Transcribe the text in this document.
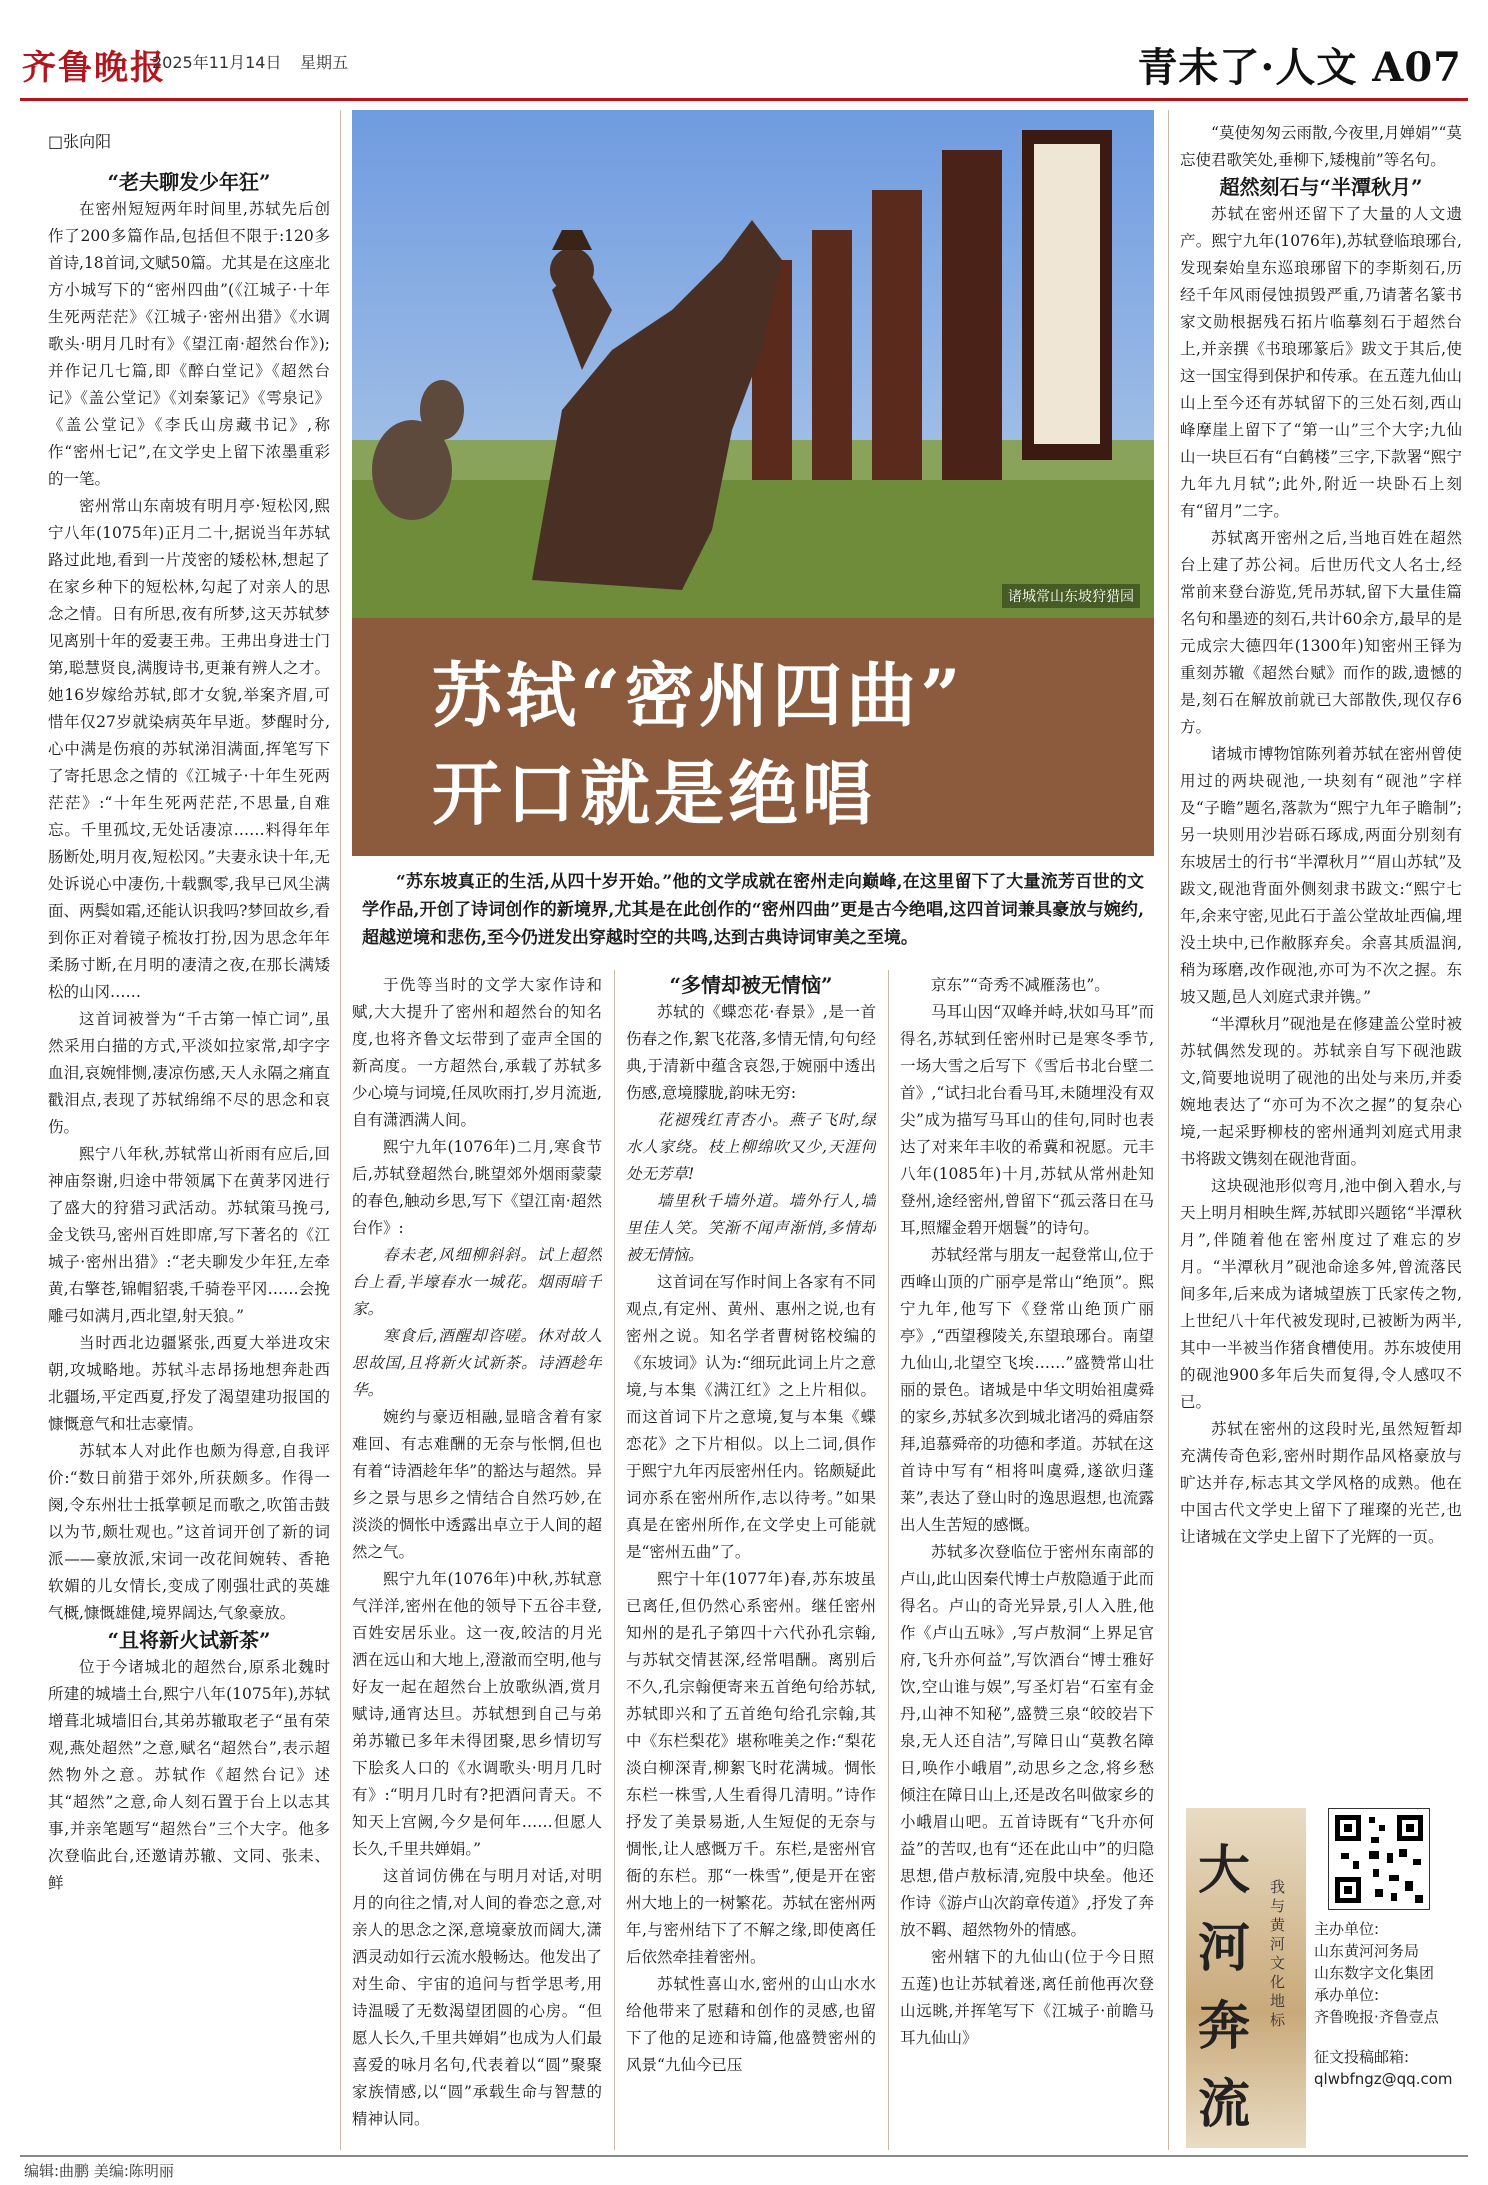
齐鲁晚报
2025年11月14日 星期五	青未了·人文 A07
□张向阳

“老夫聊发少年狂”

在密州短短两年时间里,苏轼先后创作了200多篇作品,包括但不限于:120多首诗,18首词,文赋50篇。尤其是在这座北方小城写下的“密州四曲”(《江城子·十年生死两茫茫》《江城子·密州出猎》《水调歌头·明月几时有》《望江南·超然台作》);并作记几七篇,即《醉白堂记》《超然台记》《盖公堂记》《刘秦篆记》《雩泉记》《盖公堂记》《李氏山房藏书记》,称作“密州七记”,在文学史上留下浓墨重彩的一笔。

密州常山东南坡有明月亭·短松冈,熙宁八年(1075年)正月二十,据说当年苏轼路过此地,看到一片茂密的矮松林,想起了在家乡种下的短松林,勾起了对亲人的思念之情。日有所思,夜有所梦,这天苏轼梦见离别十年的爱妻王弗。王弗出身进士门第,聪慧贤良,满腹诗书,更兼有辨人之才。她16岁嫁给苏轼,郎才女貌,举案齐眉,可惜年仅27岁就染病英年早逝。梦醒时分,心中满是伤痕的苏轼涕泪满面,挥笔写下了寄托思念之情的《江城子·十年生死两茫茫》:“十年生死两茫茫,不思量,自难忘。千里孤坟,无处话凄凉……料得年年肠断处,明月夜,短松冈。”夫妻永诀十年,无处诉说心中凄伤,十载飘零,我早已风尘满面、两鬓如霜,还能认识我吗?梦回故乡,看到你正对着镜子梳妆打扮,因为思念年年柔肠寸断,在月明的凄清之夜,在那长满矮松的山冈……

这首词被誉为“千古第一悼亡词”,虽然采用白描的方式,平淡如拉家常,却字字血泪,哀婉悱恻,凄凉伤感,天人永隔之痛直戳泪点,表现了苏轼绵绵不尽的思念和哀伤。

熙宁八年秋,苏轼常山祈雨有应后,回神庙祭谢,归途中带领属下在黄茅冈进行了盛大的狩猎习武活动。苏轼策马挽弓,金戈铁马,密州百姓即席,写下著名的《江城子·密州出猎》:“老夫聊发少年狂,左牵黄,右擎苍,锦帽貂裘,千骑卷平冈……会挽雕弓如满月,西北望,射天狼。”

当时西北边疆紧张,西夏大举进攻宋朝,攻城略地。苏轼斗志昂扬地想奔赴西北疆场,平定西夏,抒发了渴望建功报国的慷慨意气和壮志豪情。

苏轼本人对此作也颇为得意,自我评价:“数日前猎于郊外,所获颇多。作得一阕,令东州壮士抵掌顿足而歌之,吹笛击鼓以为节,颇壮观也。”这首词开创了新的词派——豪放派,宋词一改花间婉转、香艳软媚的儿女情长,变成了刚强壮武的英雄气概,慷慨雄健,境界阔达,气象豪放。

“且将新火试新茶”

位于今诸城北的超然台,原系北魏时所建的城墙土台,熙宁八年(1075年),苏轼增葺北城墙旧台,其弟苏辙取老子“虽有荣观,燕处超然”之意,赋名“超然台”,表示超然物外之意。苏轼作《超然台记》述其“超然”之意,命人刻石置于台上以志其事,并亲笔题写“超然台”三个大字。他多次登临此台,还邀请苏辙、文同、张耒、鲜

诸城常山东坡狩猎园
苏轼“密州四曲”
开口就是绝唱
“苏东坡真正的生活,从四十岁开始。”他的文学成就在密州走向巅峰,在这里留下了大量流芳百世的文学作品,开创了诗词创作的新境界,尤其是在此创作的“密州四曲”更是古今绝唱,这四首词兼具豪放与婉约,超越逆境和悲伤,至今仍迸发出穿越时空的共鸣,达到古典诗词审美之至境。

于侁等当时的文学大家作诗和赋,大大提升了密州和超然台的知名度,也将齐鲁文坛带到了壶声全国的新高度。一方超然台,承载了苏轼多少心境与词境,任凤吹雨打,岁月流逝,自有潇洒满人间。

熙宁九年(1076年)二月,寒食节后,苏轼登超然台,眺望郊外烟雨蒙蒙的春色,触动乡思,写下《望江南·超然台作》:

春未老,风细柳斜斜。试上超然台上看,半壕春水一城花。烟雨暗千家。

寒食后,酒醒却咨嗟。休对故人思故国,且将新火试新茶。诗酒趁年华。

婉约与豪迈相融,显暗含着有家难回、有志难酬的无奈与怅惘,但也有着“诗酒趁年华”的豁达与超然。异乡之景与思乡之情结合自然巧妙,在淡淡的惆怅中透露出卓立于人间的超然之气。

熙宁九年(1076年)中秋,苏轼意气洋洋,密州在他的领导下五谷丰登,百姓安居乐业。这一夜,皎洁的月光洒在远山和大地上,澄澈而空明,他与好友一起在超然台上放歌纵酒,赏月赋诗,通宵达旦。苏轼想到自己与弟弟苏辙已多年未得团聚,思乡情切写下脍炙人口的《水调歌头·明月几时有》:“明月几时有?把酒问青天。不知天上宫阙,今夕是何年……但愿人长久,千里共婵娟。”

这首词仿佛在与明月对话,对明月的向往之情,对人间的眷恋之意,对亲人的思念之深,意境豪放而阔大,潇洒灵动如行云流水般畅达。他发出了对生命、宇宙的追问与哲学思考,用诗温暖了无数渴望团圆的心房。“但愿人长久,千里共婵娟”也成为人们最喜爱的咏月名句,代表着以“圆”聚聚家族情感,以“圆”承载生命与智慧的精神认同。

“多情却被无情恼”

苏轼的《蝶恋花·春景》,是一首伤春之作,絮飞花落,多情无情,句句经典,于清新中蕴含哀怨,于婉丽中透出伤感,意境朦胧,韵味无穷:

花褪残红青杏小。燕子飞时,绿水人家绕。枝上柳绵吹又少,天涯何处无芳草!

墙里秋千墙外道。墙外行人,墙里佳人笑。笑渐不闻声渐悄,多情却被无情恼。

这首词在写作时间上各家有不同观点,有定州、黄州、惠州之说,也有密州之说。知名学者曹树铭校编的《东坡词》认为:“细玩此词上片之意境,与本集《满江红》之上片相似。而这首词下片之意境,复与本集《蝶恋花》之下片相似。以上二词,俱作于熙宁九年丙辰密州任内。铭颇疑此词亦系在密州所作,志以待考。”如果真是在密州所作,在文学史上可能就是“密州五曲”了。

熙宁十年(1077年)春,苏东坡虽已离任,但仍然心系密州。继任密州知州的是孔子第四十六代孙孔宗翰,与苏轼交情甚深,经常唱酬。离别后不久,孔宗翰便寄来五首绝句给苏轼,苏轼即兴和了五首绝句给孔宗翰,其中《东栏梨花》堪称唯美之作:“梨花淡白柳深青,柳絮飞时花满城。惆怅东栏一株雪,人生看得几清明。”诗作抒发了美景易逝,人生短促的无奈与惆怅,让人感慨万千。东栏,是密州官衙的东栏。那“一株雪”,便是开在密州大地上的一树繁花。苏轼在密州两年,与密州结下了不解之缘,即使离任后依然牵挂着密州。

苏轼性喜山水,密州的山山水水给他带来了慰藉和创作的灵感,也留下了他的足迹和诗篇,他盛赞密州的风景“九仙今已压

京东”“奇秀不减雁荡也”。

马耳山因“双峰并峙,状如马耳”而得名,苏轼到任密州时已是寒冬季节,一场大雪之后写下《雪后书北台壁二首》,“试扫北台看马耳,未随埋没有双尖”成为描写马耳山的佳句,同时也表达了对来年丰收的希冀和祝愿。元丰八年(1085年)十月,苏轼从常州赴知登州,途经密州,曾留下“孤云落日在马耳,照耀金碧开烟鬟”的诗句。

苏轼经常与朋友一起登常山,位于西峰山顶的广丽亭是常山“绝顶”。熙宁九年,他写下《登常山绝顶广丽亭》,“西望穆陵关,东望琅琊台。南望九仙山,北望空飞埃……”盛赞常山壮丽的景色。诸城是中华文明始祖虞舜的家乡,苏轼多次到城北诸冯的舜庙祭拜,追慕舜帝的功德和孝道。苏轼在这首诗中写有“相将叫虞舜,遂欲归蓬莱”,表达了登山时的逸思遐想,也流露出人生苦短的感慨。

苏轼多次登临位于密州东南部的卢山,此山因秦代博士卢敖隐遁于此而得名。卢山的奇光异景,引人入胜,他作《卢山五咏》,写卢敖洞“上界足官府,飞升亦何益”,写饮酒台“博士雅好饮,空山谁与娱”,写圣灯岩“石室有金丹,山神不知秘”,盛赞三泉“皎皎岩下泉,无人还自洁”,写障日山“莫教名障日,唤作小峨眉”,动思乡之念,将乡愁倾注在障日山上,还是改名叫做家乡的小峨眉山吧。五首诗既有“飞升亦何益”的苦叹,也有“还在此山中”的归隐思想,借卢敖标清,宛殷中块垒。他还作诗《游卢山次韵章传道》,抒发了奔放不羁、超然物外的情感。

密州辖下的九仙山(位于今日照五莲)也让苏轼着迷,离任前他再次登山远眺,并挥笔写下《江城子·前瞻马耳九仙山》

“莫使匆匆云雨散,今夜里,月婵娟”“莫忘使君歌笑处,垂柳下,矮槐前”等名句。

超然刻石与“半潭秋月”

苏轼在密州还留下了大量的人文遗产。熙宁九年(1076年),苏轼登临琅琊台,发现秦始皇东巡琅琊留下的李斯刻石,历经千年风雨侵蚀损毁严重,乃请著名篆书家文勋根据残石拓片临摹刻石于超然台上,并亲撰《书琅琊篆后》跋文于其后,使这一国宝得到保护和传承。在五莲九仙山山上至今还有苏轼留下的三处石刻,西山峰摩崖上留下了“第一山”三个大字;九仙山一块巨石有“白鹤楼”三字,下款署“熙宁九年九月轼”;此外,附近一块卧石上刻有“留月”二字。

苏轼离开密州之后,当地百姓在超然台上建了苏公祠。后世历代文人名士,经常前来登台游览,凭吊苏轼,留下大量佳篇名句和墨迹的刻石,共计60余方,最早的是元成宗大德四年(1300年)知密州王铎为重刻苏辙《超然台赋》而作的跋,遗憾的是,刻石在解放前就已大部散佚,现仅存6方。

诸城市博物馆陈列着苏轼在密州曾使用过的两块砚池,一块刻有“砚池”字样及“子瞻”题名,落款为“熙宁九年子瞻制”;另一块则用沙岩砾石琢成,两面分别刻有东坡居士的行书“半潭秋月”“眉山苏轼”及跋文,砚池背面外侧刻隶书跋文:“熙宁七年,余来守密,见此石于盖公堂故址西偏,埋没土块中,已作敝豚弃矣。余喜其质温润,稍为琢磨,改作砚池,亦可为不次之握。东坡又题,邑人刘庭式隶并镌。”

“半潭秋月”砚池是在修建盖公堂时被苏轼偶然发现的。苏轼亲自写下砚池跋文,简要地说明了砚池的出处与来历,并委婉地表达了“亦可为不次之握”的复杂心境,一起采野柳枝的密州通判刘庭式用隶书将跋文镌刻在砚池背面。

这块砚池形似弯月,池中倒入碧水,与天上明月相映生辉,苏轼即兴题铭“半潭秋月”,伴随着他在密州度过了难忘的岁月。“半潭秋月”砚池命途多舛,曾流落民间多年,后来成为诸城望族丁氏家传之物,上世纪八十年代被发现时,已被断为两半,其中一半被当作猪食槽使用。苏东坡使用的砚池900多年后失而复得,令人感叹不已。

苏轼在密州的这段时光,虽然短暂却充满传奇色彩,密州时期作品风格豪放与旷达并存,标志其文学风格的成熟。他在中国古代文学史上留下了璀璨的光芒,也让诸城在文学史上留下了光辉的一页。

大
河
奔
流
我与黄河文化地标
主办单位:
山东黄河河务局
山东数字文化集团
承办单位:
齐鲁晚报·齐鲁壹点
征文投稿邮箱:
qlwbfngz@qq.com
编辑:曲鹏 美编:陈明丽
